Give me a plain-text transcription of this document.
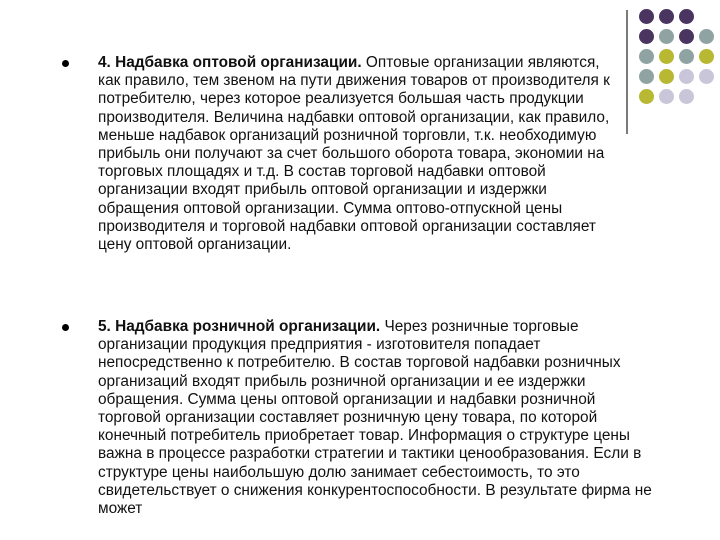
4. Надбавка оптовой организации. Оптовые организации являются, как правило, тем звеном на пути движения товаров от производителя к потребителю, через которое реализуется большая часть продукции производителя. Величина надбавки оптовой организации, как правило, меньше надбавок организаций розничной торговли, т.к. необходимую прибыль они получают за счет большого оборота товара, экономии на торговых площадях и т.д. В состав торговой надбавки оптовой организации входят прибыль оптовой организации и издержки обращения оптовой организации. Сумма оптово-отпускной цены производителя и торговой надбавки оптовой организации составляет цену оптовой организации.

5. Надбавка розничной организации. Через розничные торговые организации продукция предприятия - изготовителя попадает непосредственно к потребителю. В состав торговой надбавки розничных организаций входят прибыль розничной организации и ее издержки обращения. Сумма цены оптовой организации и надбавки розничной торговой организации составляет розничную цену товара, по которой конечный потребитель приобретает товар. Информация о структуре цены важна в процессе разработки стратегии и тактики ценообразования. Если в структуре цены наибольшую долю занимает себестоимость, то это свидетельствует о снижения конкурентоспособности. В результате фирма не может
